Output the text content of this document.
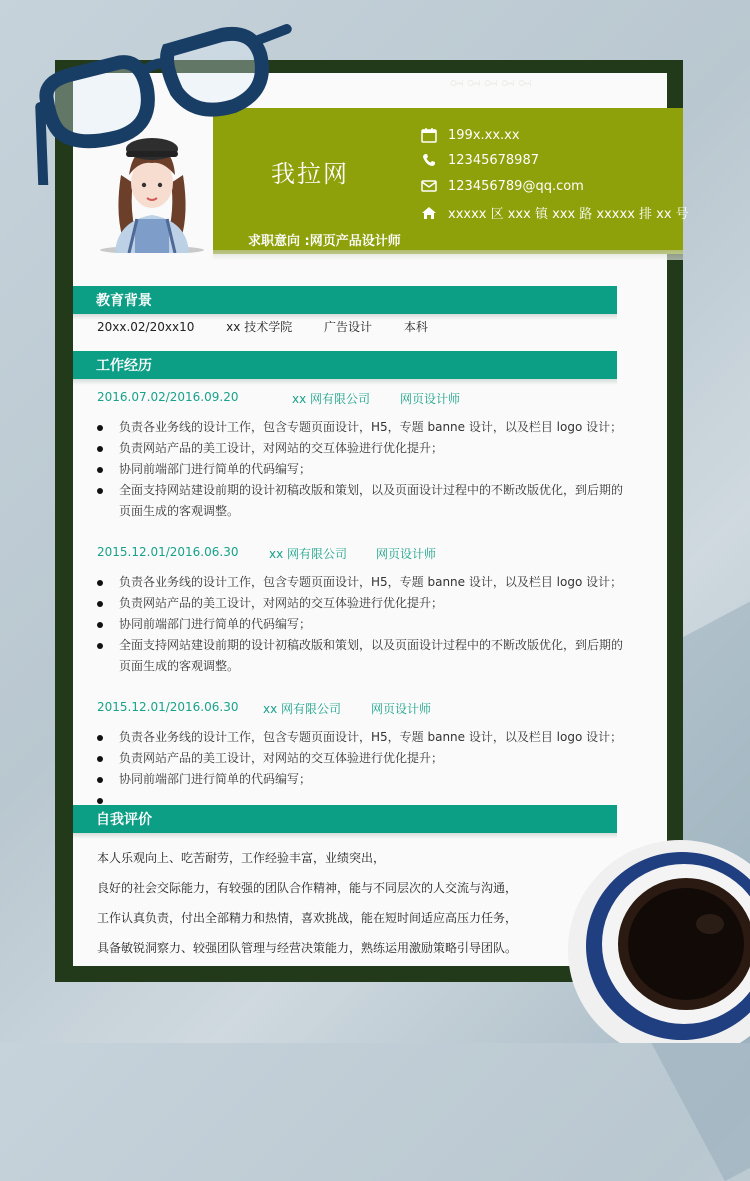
ꗢ ꗢ ꗢ ꗢ ꗢ
我拉网
求职意向 :网页产品设计师
199x.xx.xx
12345678987
123456789@qq.com
xxxxx 区 xxx 镇 xxx 路 xxxxx 排 xx 号
教育背景
20xx.02/20xx10	xx 技术学院	广告设计	本科
工作经历
2016.07.02/2016.09.20	xx 网有限公司 网页设计师
负责各业务线的设计工作，包含专题页面设计，H5，专题 banne 设计，以及栏目 logo 设计；
负责网站产品的美工设计，对网站的交互体验进行优化提升；
协同前端部门进行简单的代码编写；
全面支持网站建设前期的设计初稿改版和策划，以及页面设计过程中的不断改版优化，到后期的页面生成的客观调整。
2015.12.01/2016.06.30	xx 网有限公司 网页设计师
负责各业务线的设计工作，包含专题页面设计，H5，专题 banne 设计，以及栏目 logo 设计；
负责网站产品的美工设计，对网站的交互体验进行优化提升；
协同前端部门进行简单的代码编写；
全面支持网站建设前期的设计初稿改版和策划，以及页面设计过程中的不断改版优化，到后期的页面生成的客观调整。
2015.12.01/2016.06.30 xx 网有限公司 网页设计师
负责各业务线的设计工作，包含专题页面设计，H5，专题 banne 设计，以及栏目 logo 设计；
负责网站产品的美工设计，对网站的交互体验进行优化提升；
协同前端部门进行简单的代码编写；
自我评价
本人乐观向上、吃苦耐劳，工作经验丰富，业绩突出，
良好的社会交际能力，有较强的团队合作精神，能与不同层次的人交流与沟通，
工作认真负责，付出全部精力和热情，喜欢挑战，能在短时间适应高压力任务，
具备敏锐洞察力、较强团队管理与经营决策能力，熟练运用激励策略引导团队。
